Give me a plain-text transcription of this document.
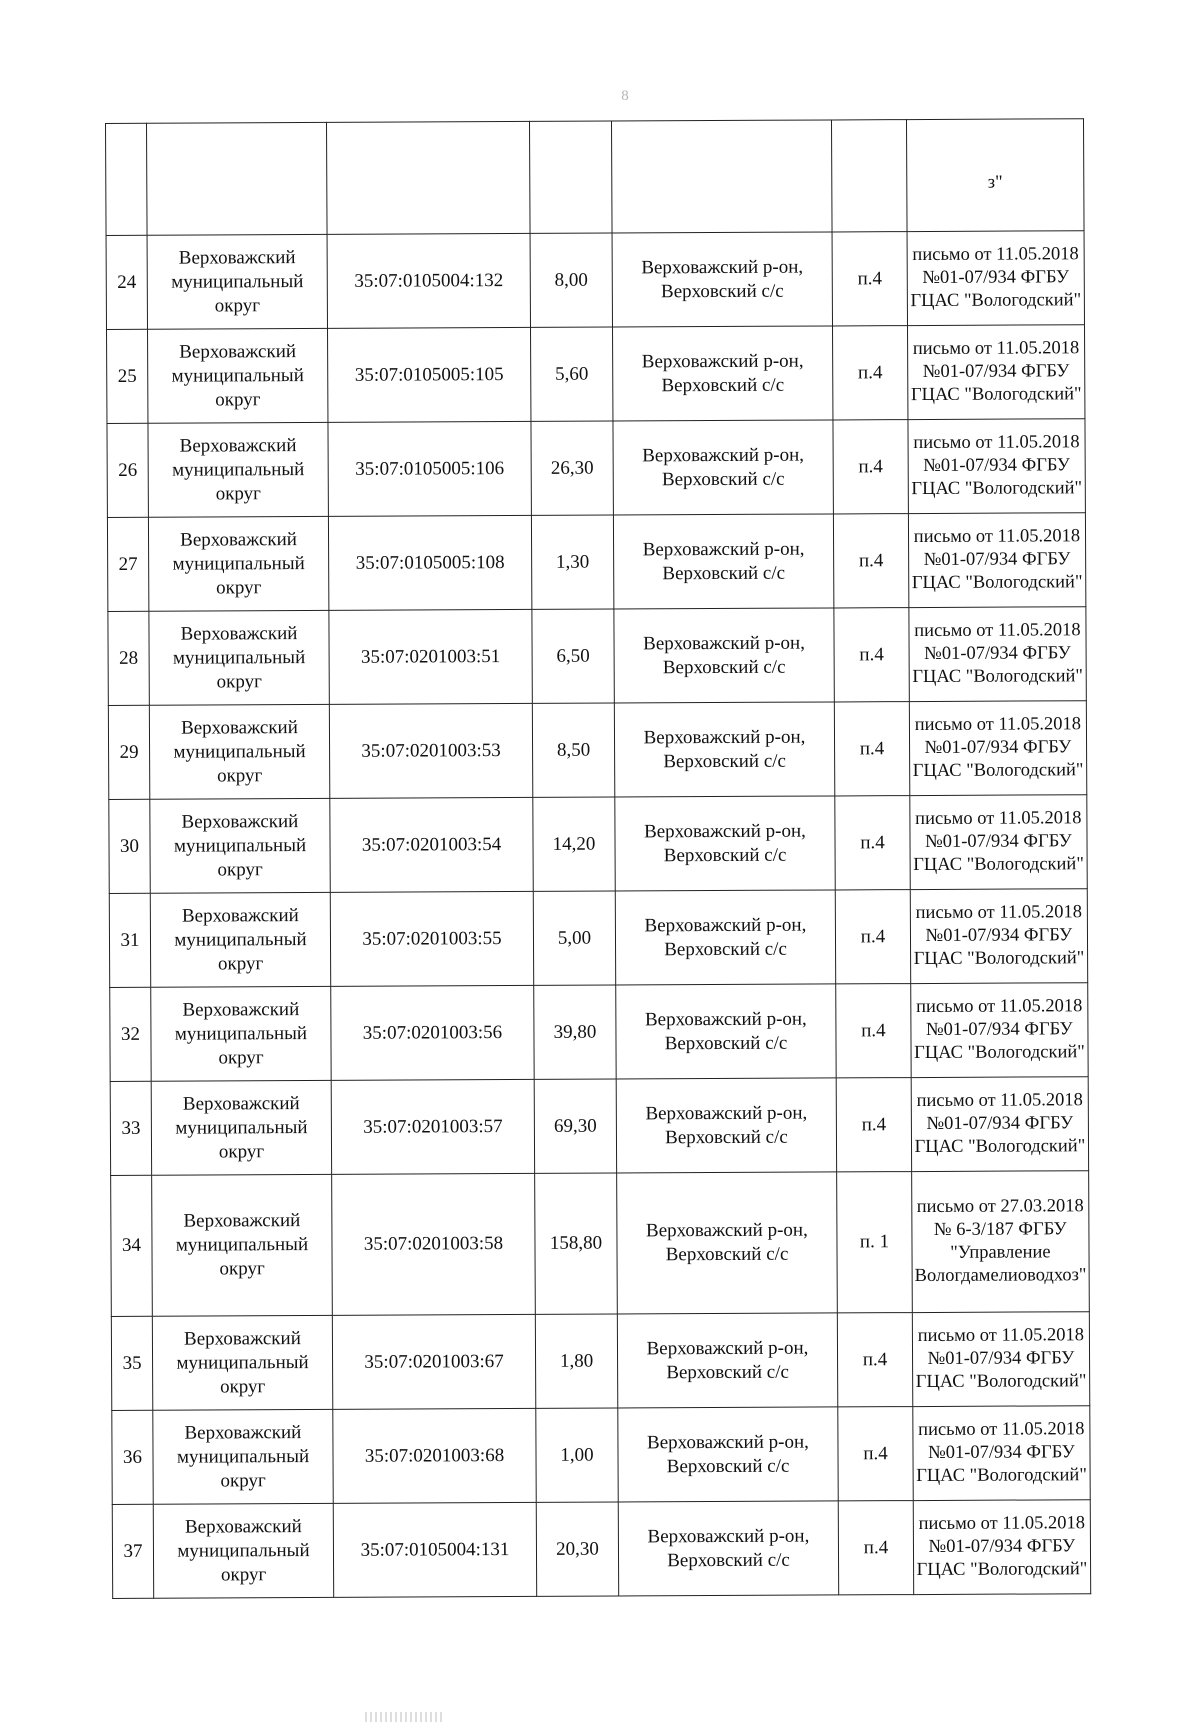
8
						з"
24	Верховажский муниципальный округ	35:07:0105004:132	8,00	Верховажский р-он, Верховский с/с	п.4	письмо от 11.05.2018 №01-07/934 ФГБУ ГЦАС "Вологодский"
25	Верховажский муниципальный округ	35:07:0105005:105	5,60	Верховажский р-он, Верховский с/с	п.4	письмо от 11.05.2018 №01-07/934 ФГБУ ГЦАС "Вологодский"
26	Верховажский муниципальный округ	35:07:0105005:106	26,30	Верховажский р-он, Верховский с/с	п.4	письмо от 11.05.2018 №01-07/934 ФГБУ ГЦАС "Вологодский"
27	Верховажский муниципальный округ	35:07:0105005:108	1,30	Верховажский р-он, Верховский с/с	п.4	письмо от 11.05.2018 №01-07/934 ФГБУ ГЦАС "Вологодский"
28	Верховажский муниципальный округ	35:07:0201003:51	6,50	Верховажский р-он, Верховский с/с	п.4	письмо от 11.05.2018 №01-07/934 ФГБУ ГЦАС "Вологодский"
29	Верховажский муниципальный округ	35:07:0201003:53	8,50	Верховажский р-он, Верховский с/с	п.4	письмо от 11.05.2018 №01-07/934 ФГБУ ГЦАС "Вологодский"
30	Верховажский муниципальный округ	35:07:0201003:54	14,20	Верховажский р-он, Верховский с/с	п.4	письмо от 11.05.2018 №01-07/934 ФГБУ ГЦАС "Вологодский"
31	Верховажский муниципальный округ	35:07:0201003:55	5,00	Верховажский р-он, Верховский с/с	п.4	письмо от 11.05.2018 №01-07/934 ФГБУ ГЦАС "Вологодский"
32	Верховажский муниципальный округ	35:07:0201003:56	39,80	Верховажский р-он, Верховский с/с	п.4	письмо от 11.05.2018 №01-07/934 ФГБУ ГЦАС "Вологодский"
33	Верховажский муниципальный округ	35:07:0201003:57	69,30	Верховажский р-он, Верховский с/с	п.4	письмо от 11.05.2018 №01-07/934 ФГБУ ГЦАС "Вологодский"
34	Верховажский муниципальный округ	35:07:0201003:58	158,80	Верховажский р-он, Верховский с/с	п. 1	письмо от 27.03.2018 № 6-3/187 ФГБУ "Управление Вологдамелиоводхоз"
35	Верховажский муниципальный округ	35:07:0201003:67	1,80	Верховажский р-он, Верховский с/с	п.4	письмо от 11.05.2018 №01-07/934 ФГБУ ГЦАС "Вологодский"
36	Верховажский муниципальный округ	35:07:0201003:68	1,00	Верховажский р-он, Верховский с/с	п.4	письмо от 11.05.2018 №01-07/934 ФГБУ ГЦАС "Вологодский"
37	Верховажский муниципальный округ	35:07:0105004:131	20,30	Верховажский р-он, Верховский с/с	п.4	письмо от 11.05.2018 №01-07/934 ФГБУ ГЦАС "Вологодский"
